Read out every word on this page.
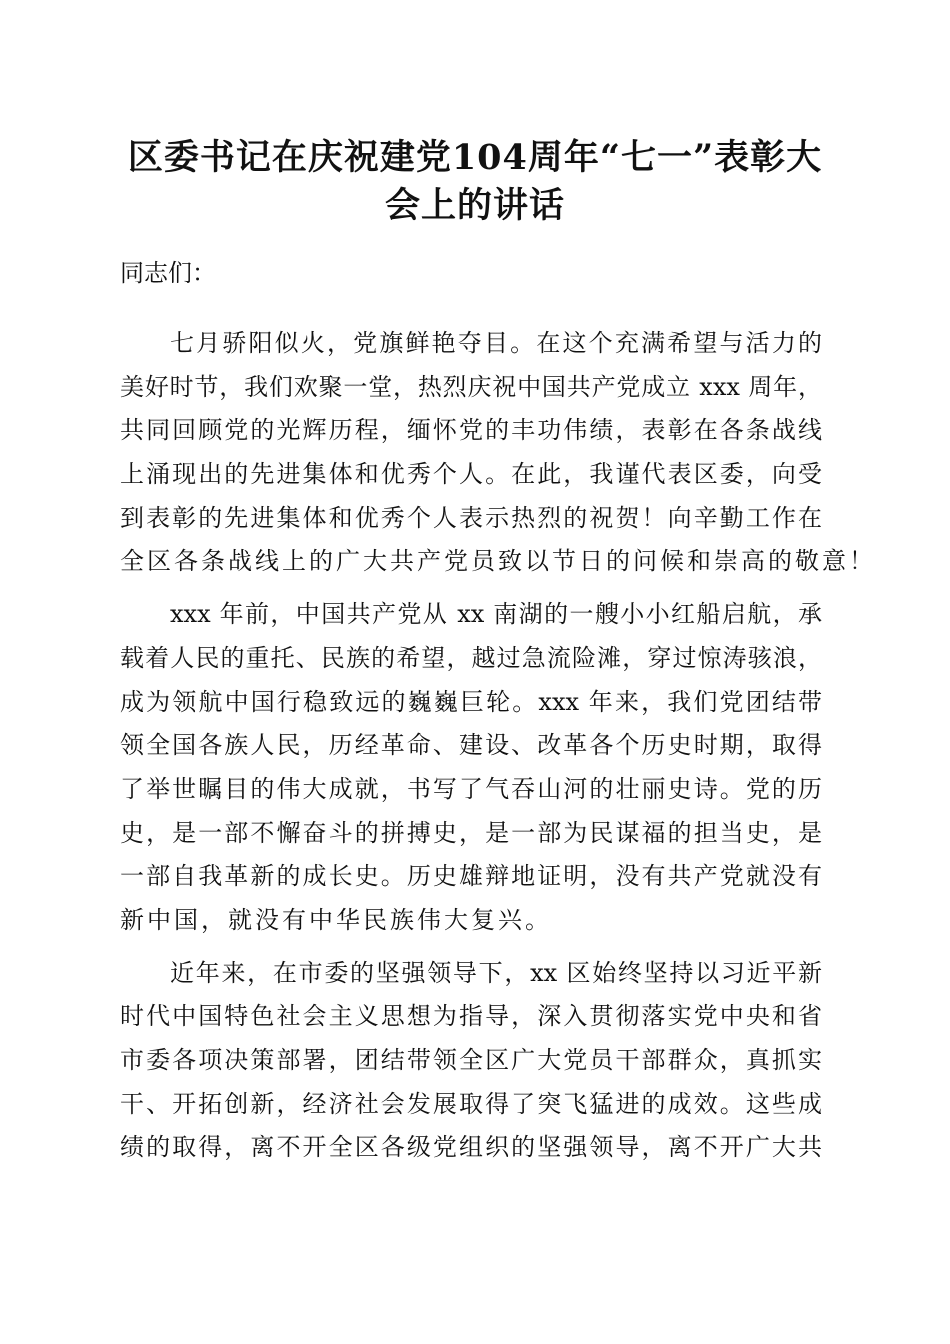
区委书记在庆祝建党104周年“七一”表彰大
会上的讲话
同志们：
七月骄阳似火，党旗鲜艳夺目。在这个充满希望与活力的
美好时节，我们欢聚一堂，热烈庆祝中国共产党成立 xxx 周年，
共同回顾党的光辉历程，缅怀党的丰功伟绩，表彰在各条战线
上涌现出的先进集体和优秀个人。在此，我谨代表区委，向受
到表彰的先进集体和优秀个人表示热烈的祝贺！向辛勤工作在
全区各条战线上的广大共产党员致以节日的问候和崇高的敬意！
xxx 年前，中国共产党从 xx 南湖的一艘小小红船启航，承
载着人民的重托、民族的希望，越过急流险滩，穿过惊涛骇浪，
成为领航中国行稳致远的巍巍巨轮。xxx 年来，我们党团结带
领全国各族人民，历经革命、建设、改革各个历史时期，取得
了举世瞩目的伟大成就，书写了气吞山河的壮丽史诗。党的历
史，是一部不懈奋斗的拼搏史，是一部为民谋福的担当史，是
一部自我革新的成长史。历史雄辩地证明，没有共产党就没有
新中国，就没有中华民族伟大复兴。
近年来，在市委的坚强领导下，xx 区始终坚持以习近平新
时代中国特色社会主义思想为指导，深入贯彻落实党中央和省
市委各项决策部署，团结带领全区广大党员干部群众，真抓实
干、开拓创新，经济社会发展取得了突飞猛进的成效。这些成
绩的取得，离不开全区各级党组织的坚强领导，离不开广大共
